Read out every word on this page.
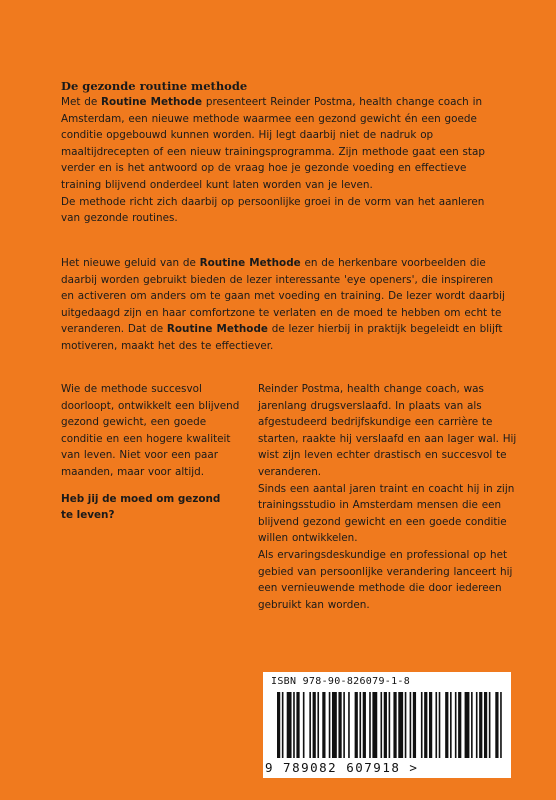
De gezonde routine methode

Met de Routine Methode presenteert Reinder Postma, health change coach in Amsterdam, een nieuwe methode waarmee een gezond gewicht én een goede conditie opgebouwd kunnen worden. Hij legt daarbij niet de nadruk op maaltijdrecepten of een nieuw trainingsprogramma. Zijn methode gaat een stap verder en is het antwoord op de vraag hoe je gezonde voeding en effectieve training blijvend onderdeel kunt laten worden van je leven.

De methode richt zich daarbij op persoonlijke groei in de vorm van het aanleren van gezonde routines.

Het nieuwe geluid van de Routine Methode en de herkenbare voorbeelden die daarbij worden gebruikt bieden de lezer interessante 'eye openers', die inspireren en activeren om anders om te gaan met voeding en training. De lezer wordt daarbij uitgedaagd zijn en haar comfortzone te verlaten en de moed te hebben om echt te veranderen. Dat de Routine Methode de lezer hierbij in praktijk begeleidt en blijft motiveren, maakt het des te effectiever.

Wie de methode succesvol doorloopt, ontwikkelt een blijvend gezond gewicht, een goede conditie en een hogere kwaliteit van leven. Niet voor een paar maanden, maar voor altijd.

Heb jij de moed om gezond te leven?

Reinder Postma, health change coach, was jarenlang drugsverslaafd. In plaats van als afgestudeerd bedrijfskundige een carrière te starten, raakte hij verslaafd en aan lager wal. Hij wist zijn leven echter drastisch en succesvol te veranderen.

Sinds een aantal jaren traint en coacht hij in zijn trainingsstudio in Amsterdam mensen die een blijvend gezond gewicht en een goede conditie willen ontwikkelen.

Als ervaringsdeskundige en professional op het gebied van persoonlijke verandering lanceert hij een vernieuwende methode die door iedereen gebruikt kan worden.

ISBN 978-90-826079-1-8
9 789082 607918 >
